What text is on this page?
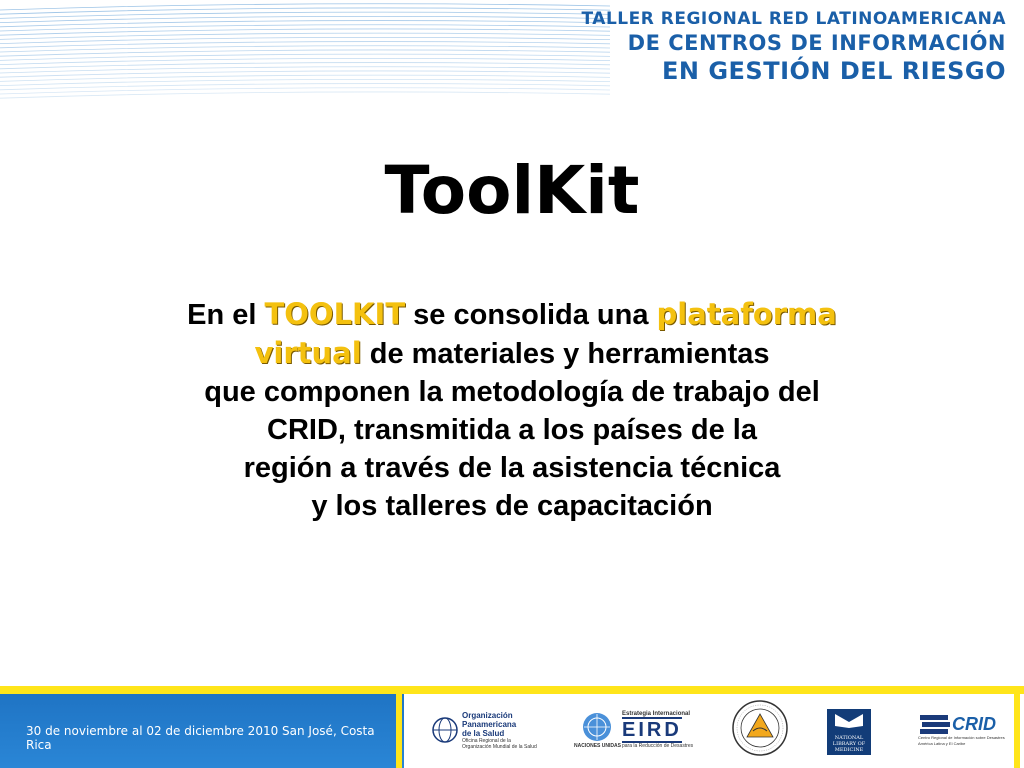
TALLER REGIONAL RED LATINOAMERICANA
DE CENTROS DE INFORMACIÓN
EN GESTIÓN DEL RIESGO
ToolKit
En el TOOLKIT se consolida una plataforma
virtual de materiales y herramientas
que componen la metodología de trabajo del
CRID, transmitida a los países de la
región a través de la asistencia técnica
y los talleres de capacitación
30 de noviembre al 02 de diciembre 2010 San José, Costa Rica
Organización
Panamericana
de la Salud
Oficina Regional de la
Organización Mundial de la Salud	NACIONES UNIDAS
Estrategia Internacional
EIRD
para la Reducción de Desastres
NATIONAL
LIBRARY OF
MEDICINE
CRID
Centro Regional de Información sobre Desastres
América Latina y El Caribe
